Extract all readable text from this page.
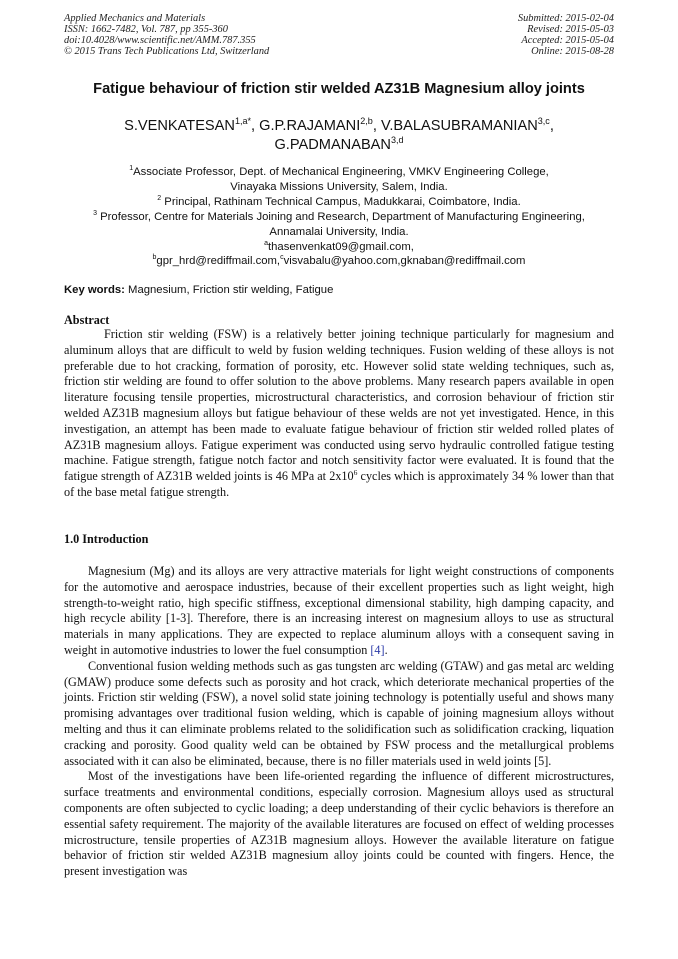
Applied Mechanics and Materials
ISSN: 1662-7482, Vol. 787, pp 355-360
doi:10.4028/www.scientific.net/AMM.787.355
© 2015 Trans Tech Publications Ltd, Switzerland
Submitted: 2015-02-04
Revised: 2015-05-03
Accepted: 2015-05-04
Online: 2015-08-28
Fatigue behaviour of friction stir welded AZ31B Magnesium alloy joints
$S.VENKATESAN^{1,a*}$, G.P.RAJAMANI$^{2,b}$, V.BALASUBRAMANIAN$^{3,c}$,
G.PADMANABAN$^{3,d}$
$^1$Associate Professor, Dept. of Mechanical Engineering, VMKV Engineering College,
Vinayaka Missions University, Salem, India.
$^2$ Principal, Rathinam Technical Campus, Madukkarai, Coimbatore, India.
$^3$ Professor, Centre for Materials Joining and Research, Department of Manufacturing Engineering,
Annamalai University, India.
$^a$thasenvenkat09@gmail.com,
$^b$gpr_hrd@rediffmail.com,$^c$visvabalu@yahoo.com,gknaban@rediffmail.com
Key words: Magnesium, Friction stir welding, Fatigue
Abstract

Friction stir welding (FSW) is a relatively better joining technique particularly for magnesium and aluminum alloys that are difficult to weld by fusion welding techniques. Fusion welding of these alloys is not preferable due to hot cracking, formation of porosity, etc. However solid state welding techniques, such as, friction stir welding are found to offer solution to the above problems. Many research papers available in open literature focusing tensile properties, microstructural characteristics, and corrosion behaviour of friction stir welded AZ31B magnesium alloys but fatigue behaviour of these welds are not yet investigated. Hence, in this investigation, an attempt has been made to evaluate fatigue behaviour of friction stir welded rolled plates of AZ31B magnesium alloys. Fatigue experiment was conducted using servo hydraulic controlled fatigue testing machine. Fatigue strength, fatigue notch factor and notch sensitivity factor were evaluated. It is found that the fatigue strength of AZ31B welded joints is 46 MPa at $2x10^6$ cycles which is approximately 34 % lower than that of the base metal fatigue strength.

1.0 Introduction

Magnesium (Mg) and its alloys are very attractive materials for light weight constructions of components for the automotive and aerospace industries, because of their excellent properties such as light weight, high strength-to-weight ratio, high specific stiffness, exceptional dimensional stability, high damping capacity, and high recycle ability [1-3]. Therefore, there is an increasing interest on magnesium alloys to use as structural materials in many applications. They are expected to replace aluminum alloys with a consequent saving in weight in automotive industries to lower the fuel consumption [4].

Conventional fusion welding methods such as gas tungsten arc welding (GTAW) and gas metal arc welding (GMAW) produce some defects such as porosity and hot crack, which deteriorate mechanical properties of the joints. Friction stir welding (FSW), a novel solid state joining technology is potentially useful and shows many promising advantages over traditional fusion welding, which is capable of joining magnesium alloys without melting and thus it can eliminate problems related to the solidification such as solidification cracking, liquation cracking and porosity. Good quality weld can be obtained by FSW process and the metallurgical problems associated with it can also be eliminated, because, there is no filler materials used in weld joints [5].

Most of the investigations have been life-oriented regarding the influence of different microstructures, surface treatments and environmental conditions, especially corrosion. Magnesium alloys used as structural components are often subjected to cyclic loading; a deep understanding of their cyclic behaviors is therefore an essential safety requirement. The majority of the available literatures are focused on effect of welding processes microstructure, tensile properties of AZ31B magnesium alloys. However the available literature on fatigue behavior of friction stir welded AZ31B magnesium alloy joints could be counted with fingers. Hence, the present investigation was
